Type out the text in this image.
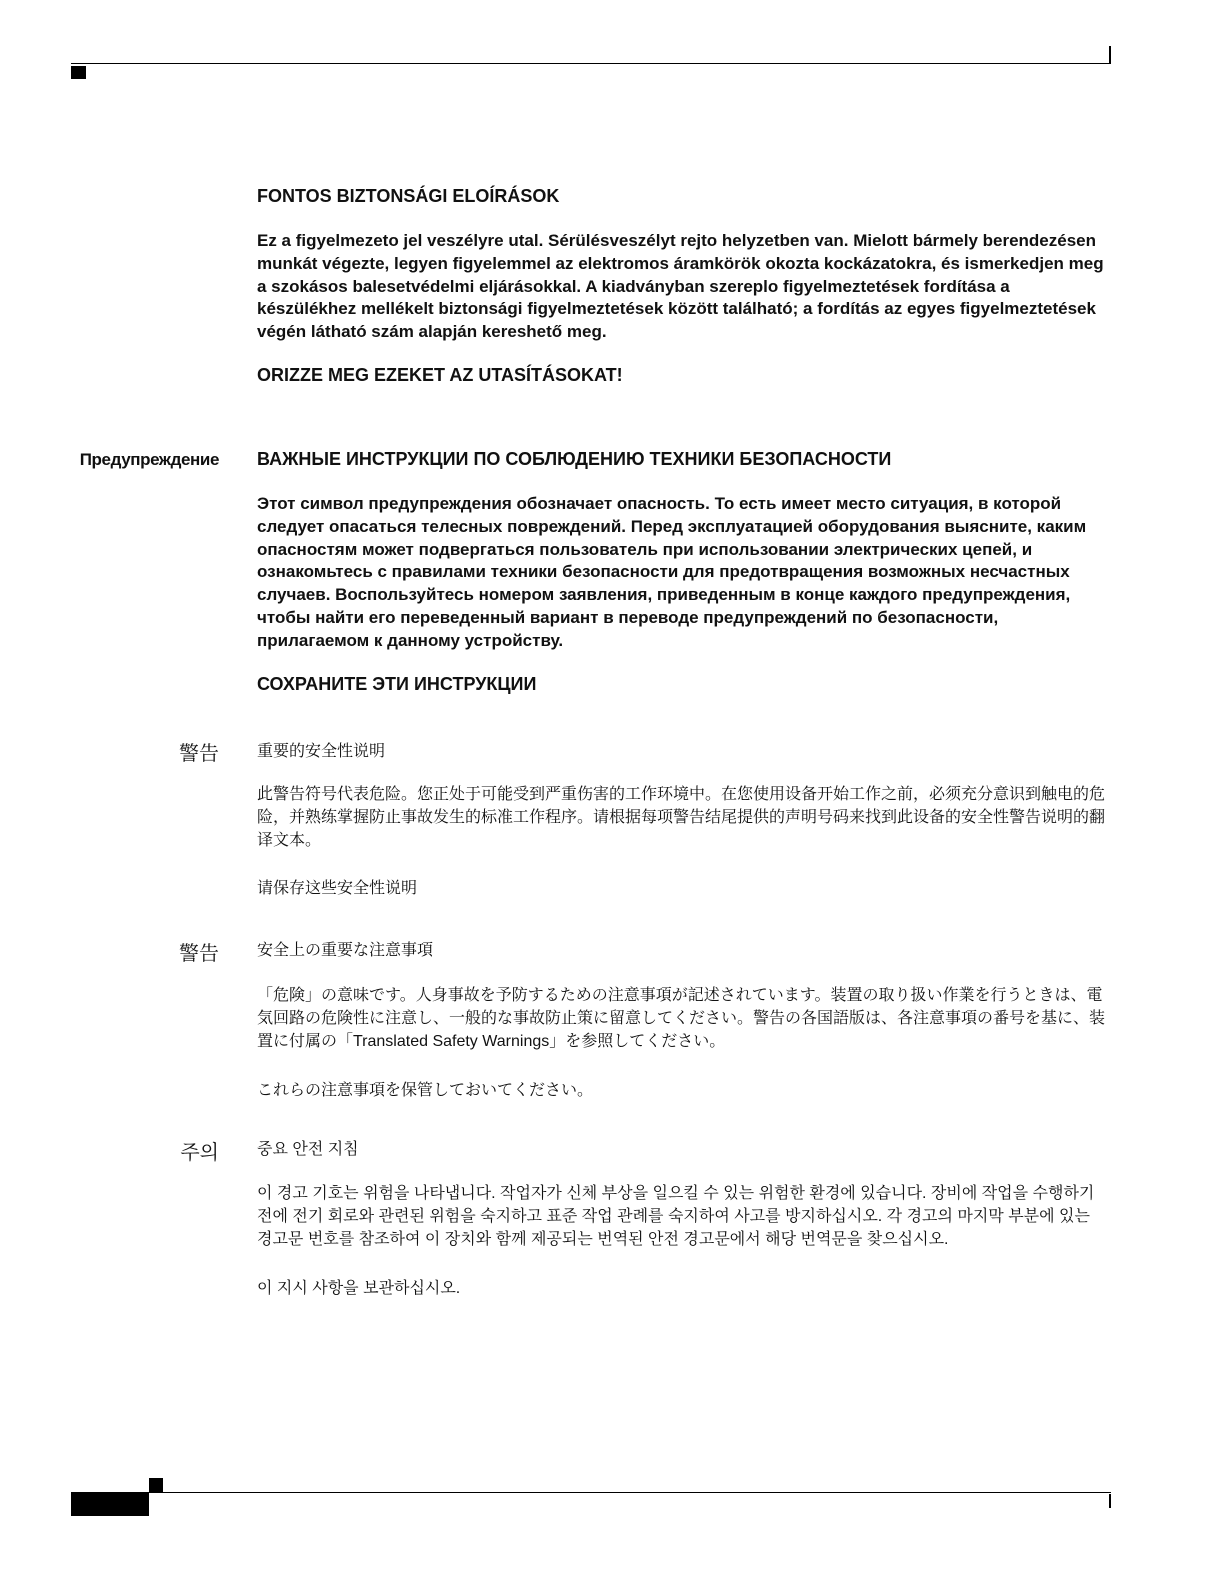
FONTOS BIZTONSÁGI ELOÍRÁSOK

Ez a figyelmezeto jel veszélyre utal. Sérülésveszélyt rejto helyzetben van. Mielott bármely berendezésen munkát végezte, legyen figyelemmel az elektromos áramkörök okozta kockázatokra, és ismerkedjen meg a szokásos balesetvédelmi eljárásokkal. A kiadványban szereplo figyelmeztetések fordítása a készülékhez mellékelt biztonsági figyelmeztetések között található; a fordítás az egyes figyelmeztetések végén látható szám alapján kereshető meg.

ORIZZE MEG EZEKET AZ UTASÍTÁSOKAT!

Предупреждение ВАЖНЫЕ ИНСТРУКЦИИ ПО СОБЛЮДЕНИЮ ТЕХНИКИ БЕЗОПАСНОСТИ

Этот символ предупреждения обозначает опасность. То есть имеет место ситуация, в которой следует опасаться телесных повреждений. Перед эксплуатацией оборудования выясните, каким опасностям может подвергаться пользователь при использовании электрических цепей, и ознакомьтесь с правилами техники безопасности для предотвращения возможных несчастных случаев. Воспользуйтесь номером заявления, приведенным в конце каждого предупреждения, чтобы найти его переведенный вариант в переводе предупреждений по безопасности, прилагаемом к данному устройству.

СОХРАНИТЕ ЭТИ ИНСТРУКЦИИ

警告 重要的安全性说明

此警告符号代表危险。您正处于可能受到严重伤害的工作环境中。在您使用设备开始工作之前，必须充分意识到触电的危险，并熟练掌握防止事故发生的标准工作程序。请根据每项警告结尾提供的声明号码来找到此设备的安全性警告说明的翻译文本。

请保存这些安全性说明

警告 安全上の重要な注意事項

「危険」の意味です。人身事故を予防するための注意事項が記述されています。装置の取り扱い作業を行うときは、電気回路の危険性に注意し、一般的な事故防止策に留意してください。警告の各国語版は、各注意事項の番号を基に、装置に付属の「Translated Safety Warnings」を参照してください。

これらの注意事項を保管しておいてください。

주의 중요 안전 지침

이 경고 기호는 위험을 나타냅니다. 작업자가 신체 부상을 일으킬 수 있는 위험한 환경에 있습니다. 장비에 작업을 수행하기 전에 전기 회로와 관련된 위험을 숙지하고 표준 작업 관례를 숙지하여 사고를 방지하십시오. 각 경고의 마지막 부분에 있는 경고문 번호를 참조하여 이 장치와 함께 제공되는 번역된 안전 경고문에서 해당 번역문을 찾으십시오.

이 지시 사항을 보관하십시오.
